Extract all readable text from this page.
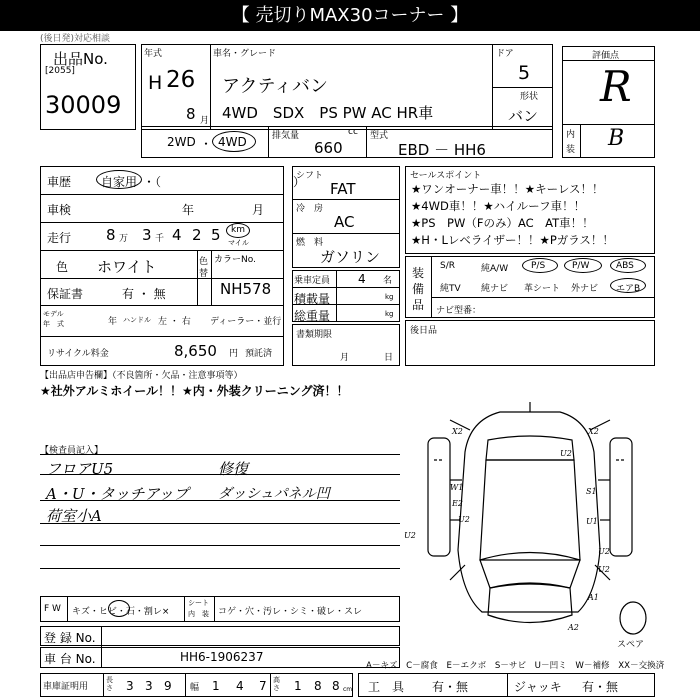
【 売切りMAX30コーナー 】
(後日発)対応相談
出品No.
[2055]
30009
年式
H 26
8 月
車名・グレード
アクティバン
4WD　SDX　PS PW AC HR車
ドア
5
形状
バン
評価点
R
内
装 B
2WD ・ 4WD	排気量	cc
660
型式
EBD － HH6
車歴 自家用 ・（　　　　　　　　　　　）
車検	年	月
走行 8 万 3 千 4 2 5 km
マイル
色 ホワイト	色
替
カラーNo.
NH578
保証書	有 ・ 無
モデル
年　式	年 ハンドル 左 ・ 右 ディーラー・並行
リサイクル料金	8,650 円 預託済
シフト
FAT
冷　房
AC
燃　料
ガソリン
乗車定員 4 名
積載量	kg
総重量	kg
書類期限
月	日
セールスポイント
★ワンオーナー車！！★キーレス！！
★4WD車！！★ハイルーフ車！！
★PS　PW（Fのみ）AC　AT車！！
★H・Lレベライザー！！★Pガラス！！
装
備
品
S/R	純A/W	P/S	P/W	ABS
純TV 純ナビ 革シート 外ナビ エアB
ナビ型番：
後日品
【出品店申告欄】（不良箇所・欠品・注意事項等）
★社外アルミホイール！！★内・外装クリーニング済！！
【検査員記入】
フロアU5
A・U・タッチアップ
荷室小A
修復
ダッシュパネル凹
F W キズ・ヒビ・石・割レ×
シート
内　装 コゲ・穴・汚レ・シミ・破レ・スレ
登 録 No.
車 台 No.	HH6-1906237
A－キズ　C－腐食　E－エクボ　S－サビ　U－凹ミ　W－補修　XX－交換済
車庫証明用
長さ 3 3 9 幅 1 4 7 高さ 1 8 8 cm 工　具 有・無	ジャッキ 有・無
X2	X2
U2
W1
E2
U2
S1
U1
U2
U2
U2
A1
A2
スペア
